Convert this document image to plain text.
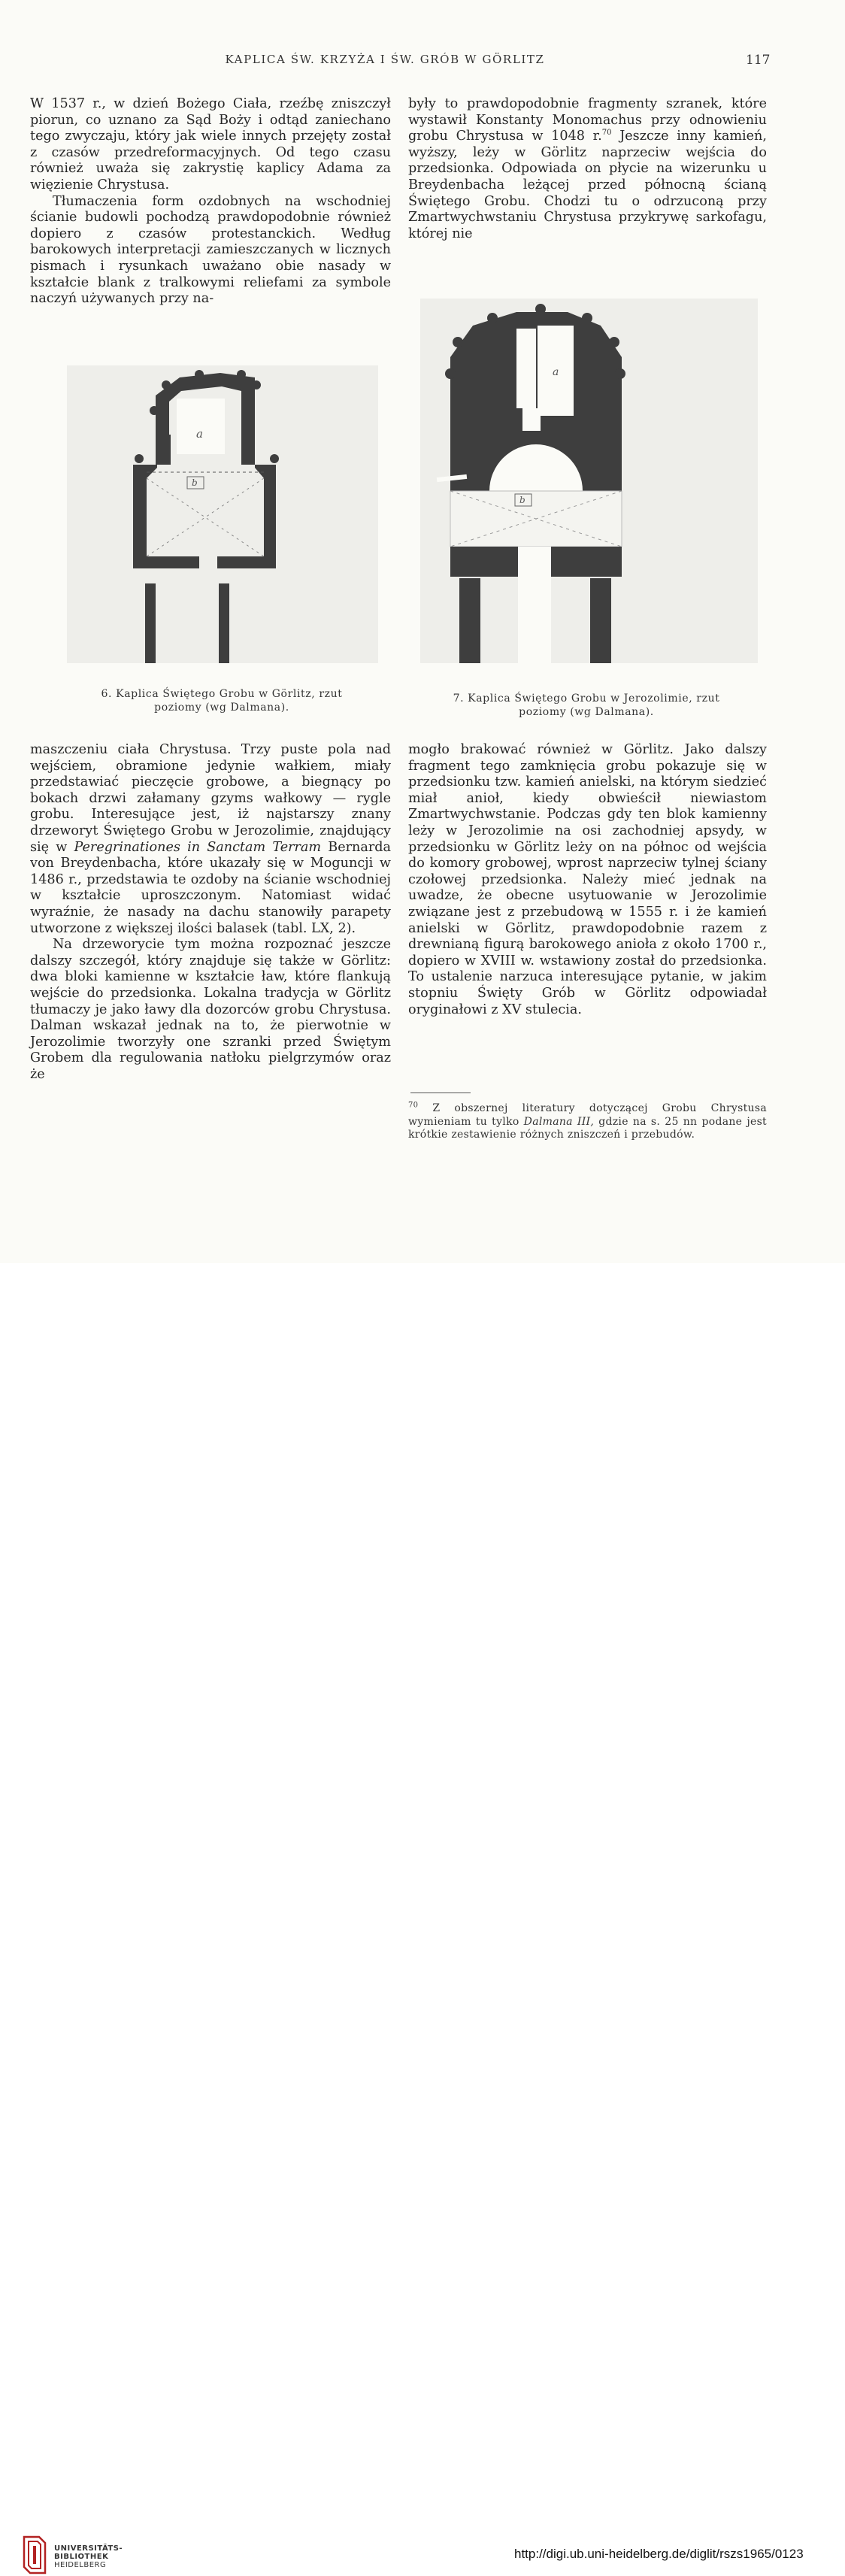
KAPLICA ŚW. KRZYŻA I ŚW. GRÓB W GÖRLITZ	117

W 1537 r., w dzień Bożego Ciała, rzeźbę zniszczył piorun, co uznano za Sąd Boży i odtąd zaniechano tego zwyczaju, który jak wiele innych przejęty został z czasów przedreformacyjnych. Od tego czasu również uważa się zakrystię kaplicy Adama za więzienie Chrystusa.

Tłumaczenia form ozdobnych na wschodniej ścianie budowli pochodzą prawdopodobnie również dopiero z czasów protestanckich. Według barokowych interpretacji zamieszczanych w licznych pismach i rysunkach uważano obie nasady w kształcie blank z tralkowymi reliefami za symbole naczyń używanych przy na-

były to prawdopodobnie fragmenty szranek, które wystawił Konstanty Monomachus przy odnowieniu grobu Chrystusa w 1048 r.$^{70}$ Jeszcze inny kamień, wyższy, leży w Görlitz naprzeciw wejścia do przedsionka. Odpowiada on płycie na wizerunku u Breydenbacha leżącej przed północną ścianą Świętego Grobu. Chodzi tu o odrzuconą przy Zmartwychwstaniu Chrystusa przykrywę sarkofagu, której nie

a
b
6. Kaplica Świętego Grobu w Görlitz, rzut
poziomy (wg Dalmana).
a
b
7. Kaplica Świętego Grobu w Jerozolimie, rzut
poziomy (wg Dalmana).

maszczeniu ciała Chrystusa. Trzy puste pola nad wejściem, obramione jedynie wałkiem, miały przedstawiać pieczęcie grobowe, a biegnący po bokach drzwi załamany gzyms wałkowy — rygle grobu. Interesujące jest, iż najstarszy znany drzeworyt Świętego Grobu w Jerozolimie, znajdujący się w Peregrinationes in Sanctam Terram Bernarda von Breydenbacha, które ukazały się w Moguncji w 1486 r., przedstawia te ozdoby na ścianie wschodniej w kształcie uproszczonym. Natomiast widać wyraźnie, że nasady na dachu stanowiły parapety utworzone z większej ilości balasek (tabl. LX, 2).

Na drzeworycie tym można rozpoznać jeszcze dalszy szczegół, który znajduje się także w Görlitz: dwa bloki kamienne w kształcie ław, które flankują wejście do przedsionka. Lokalna tradycja w Görlitz tłumaczy je jako ławy dla dozorców grobu Chrystusa. Dalman wskazał jednak na to, że pierwotnie w Jerozolimie tworzyły one szranki przed Świętym Grobem dla regulowania natłoku pielgrzymów oraz że

mogło brakować również w Görlitz. Jako dalszy fragment tego zamknięcia grobu pokazuje się w przedsionku tzw. kamień anielski, na którym siedzieć miał anioł, kiedy obwieścił niewiastom Zmartwychwstanie. Podczas gdy ten blok kamienny leży w Jerozolimie na osi zachodniej apsydy, w przedsionku w Görlitz leży on na północ od wejścia do komory grobowej, wprost naprzeciw tylnej ściany czołowej przedsionka. Należy mieć jednak na uwadze, że obecne usytuowanie w Jerozolimie związane jest z przebudową w 1555 r. i że kamień anielski w Görlitz, prawdopodobnie razem z drewnianą figurą barokowego anioła z około 1700 r., dopiero w XVIII w. wstawiony został do przedsionka. To ustalenie narzuca interesujące pytanie, w jakim stopniu Święty Grób w Görlitz odpowiadał oryginałowi z XV stulecia.

$^{70}$ Z obszernej literatury dotyczącej Grobu Chrystusa wymieniam tu tylko Dalmana III, gdzie na s. 25 nn podane jest krótkie zestawienie różnych zniszczeń i przebudów.
UNIVERSITÄTS-
BIBLIOTHEK
HEIDELBERG
http://digi.ub.uni-heidelberg.de/diglit/rszs1965/0123
